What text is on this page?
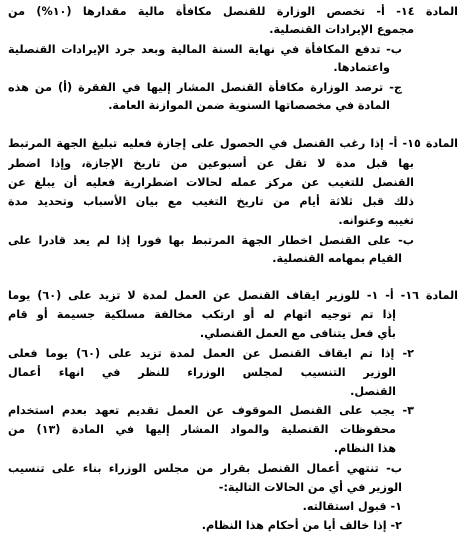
المادة ١٤- أ- تخصص الوزارة للقنصل مكافأة مالية مقدارها (١٠%) من
مجموع الإيرادات القنصلية.
ب- تدفع المكافأة في نهاية السنة المالية وبعد جرد الإيرادات القنصلية
واعتمادها.
ج- ترصد الوزارة مكافأة القنصل المشار إليها في الفقرة (أ) من هذه
المادة في مخصصاتها السنوية ضمن الموازنة العامة.
المادة ١٥- أ- إذا رغب القنصل في الحصول على إجازة فعليه تبليغ الجهة المرتبط
بها قبل مدة لا تقل عن أسبوعين من تاريخ الإجازة، وإذا اضطر
القنصل للتغيب عن مركز عمله لحالات اضطرارية فعليه أن يبلغ عن
ذلك قبل ثلاثة أيام من تاريخ التغيب مع بيان الأسباب وتحديد مدة
تغيبه وعنوانه.
ب- على القنصل اخطار الجهة المرتبط بها فورا إذا لم يعد قادرا على
القيام بمهامه القنصلية.
المادة ١٦- أ- ١- للوزير ايقاف القنصل عن العمل لمدة لا تزيد على (٦٠) يوما
إذا تم توجيه اتهام له أو ارتكب مخالفة مسلكية جسيمة أو قام
بأي فعل يتنافى مع العمل القنصلي.
٢- إذا تم ايقاف القنصل عن العمل لمدة تزيد على (٦٠) يوما فعلى
الوزير التنسيب لمجلس الوزراء للنظر في انهاء أعمال
القنصل.
٣- يجب على القنصل الموقوف عن العمل تقديم تعهد بعدم استخدام
محفوظات القنصلية والمواد المشار إليها في المادة (١٣) من
هذا النظام.
ب- تنتهي أعمال القنصل بقرار من مجلس الوزراء بناء على تنسيب
الوزير في أي من الحالات التالية:-
١- قبول استقالته.
٢- إذا خالف أيا من أحكام هذا النظام.
